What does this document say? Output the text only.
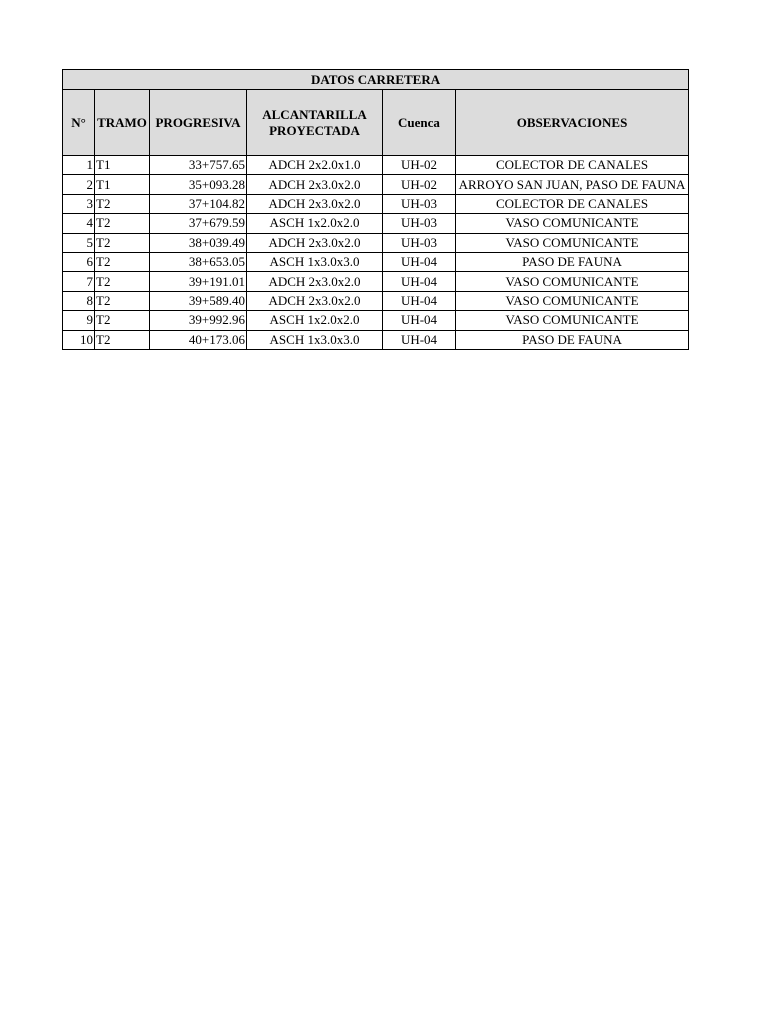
DATOS CARRETERA					
N°	TRAMO	PROGRESIVA	ALCANTARILLA PROYECTADA	Cuenca	OBSERVACIONES
1	T1	33+757.65	ADCH 2x2.0x1.0	UH-02	COLECTOR DE CANALES

2	T1	35+093.28	ADCH 2x3.0x2.0	UH-02	ARROYO SAN JUAN, PASO DE FAUNA

3	T2	37+104.82	ADCH 2x3.0x2.0	UH-03	COLECTOR DE CANALES

4	T2	37+679.59	ASCH 1x2.0x2.0	UH-03	VASO COMUNICANTE

5	T2	38+039.49	ADCH 2x3.0x2.0	UH-03	VASO COMUNICANTE

6	T2	38+653.05	ASCH 1x3.0x3.0	UH-04	PASO DE FAUNA

7	T2	39+191.01	ADCH 2x3.0x2.0	UH-04	VASO COMUNICANTE

8	T2	39+589.40	ADCH 2x3.0x2.0	UH-04	VASO COMUNICANTE

9	T2	39+992.96	ASCH 1x2.0x2.0	UH-04	VASO COMUNICANTE

10	T2	40+173.06	ASCH 1x3.0x3.0	UH-04	PASO DE FAUNA
